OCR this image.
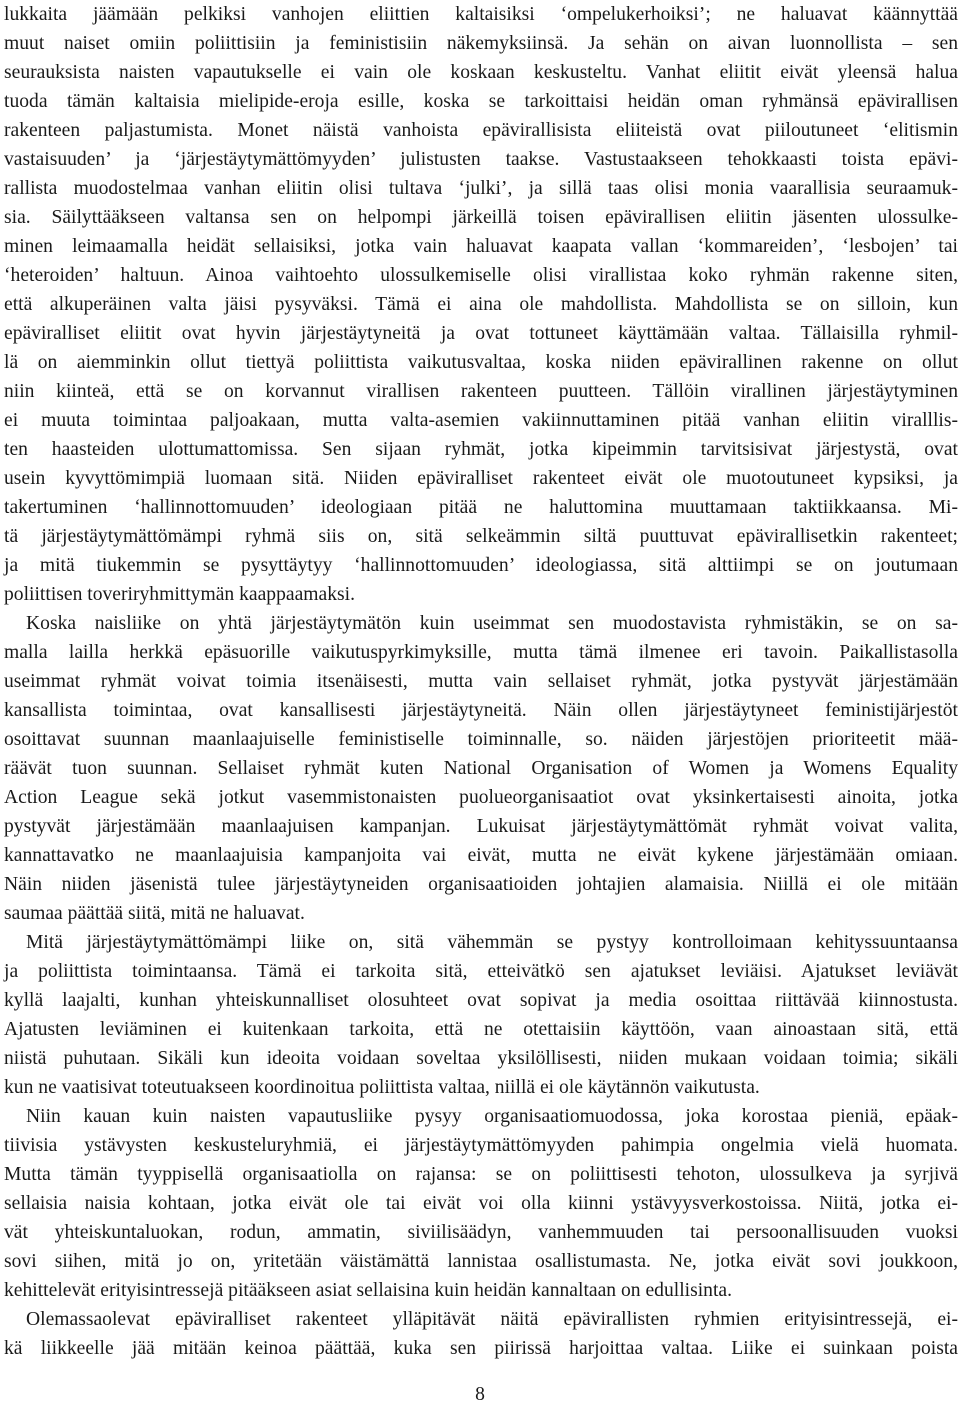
lukkaita jäämään pelkiksi vanhojen eliittien kaltaisiksi ‘ompelukerhoiksi’; ne haluavat käännyttää
muut naiset omiin poliittisiin ja feministisiin näkemyksiinsä. Ja sehän on aivan luonnollista – sen
seurauksista naisten vapautukselle ei vain ole koskaan keskusteltu. Vanhat eliitit eivät yleensä halua
tuoda tämän kaltaisia mielipide-eroja esille, koska se tarkoittaisi heidän oman ryhmänsä epävirallisen
rakenteen paljastumista. Monet näistä vanhoista epävirallisista eliiteistä ovat piiloutuneet ‘elitismin
vastaisuuden’ ja ‘järjestäytymättömyyden’ julistusten taakse. Vastustaakseen tehokkaasti toista epävi-
rallista muodostelmaa vanhan eliitin olisi tultava ‘julki’, ja sillä taas olisi monia vaarallisia seuraamuk-
sia. Säilyttääkseen valtansa sen on helpompi järkeillä toisen epävirallisen eliitin jäsenten ulossulke-
minen leimaamalla heidät sellaisiksi, jotka vain haluavat kaapata vallan ‘kommareiden’, ‘lesbojen’ tai
‘heteroiden’ haltuun. Ainoa vaihtoehto ulossulkemiselle olisi virallistaa koko ryhmän rakenne siten,
että alkuperäinen valta jäisi pysyväksi. Tämä ei aina ole mahdollista. Mahdollista se on silloin, kun
epäviralliset eliitit ovat hyvin järjestäytyneitä ja ovat tottuneet käyttämään valtaa. Tällaisilla ryhmil-
lä on aiemminkin ollut tiettyä poliittista vaikutusvaltaa, koska niiden epävirallinen rakenne on ollut
niin kiinteä, että se on korvannut virallisen rakenteen puutteen. Tällöin virallinen järjestäytyminen
ei muuta toimintaa paljoakaan, mutta valta-asemien vakiinnuttaminen pitää vanhan eliitin viralllis-
ten haasteiden ulottumattomissa. Sen sijaan ryhmät, jotka kipeimmin tarvitsisivat järjestystä, ovat
usein kyvyttömimpiä luomaan sitä. Niiden epäviralliset rakenteet eivät ole muotoutuneet kypsiksi, ja
takertuminen ‘hallinnottomuuden’ ideologiaan pitää ne haluttomina muuttamaan taktiikkaansa. Mi-
tä järjestäytymättömämpi ryhmä siis on, sitä selkeämmin siltä puuttuvat epävirallisetkin rakenteet;
ja mitä tiukemmin se pysyttäytyy ‘hallinnottomuuden’ ideologiassa, sitä alttiimpi se on joutumaan
poliittisen toveriryhmittymän kaappaamaksi.
Koska naisliike on yhtä järjestäytymätön kuin useimmat sen muodostavista ryhmistäkin, se on sa-
malla lailla herkkä epäsuorille vaikutuspyrkimyksille, mutta tämä ilmenee eri tavoin. Paikallistasolla
useimmat ryhmät voivat toimia itsenäisesti, mutta vain sellaiset ryhmät, jotka pystyvät järjestämään
kansallista toimintaa, ovat kansallisesti järjestäytyneitä. Näin ollen järjestäytyneet feministijärjestöt
osoittavat suunnan maanlaajuiselle feministiselle toiminnalle, so. näiden järjestöjen prioriteetit mää-
räävät tuon suunnan. Sellaiset ryhmät kuten National Organisation of Women ja Womens Equality
Action League sekä jotkut vasemmistonaisten puolueorganisaatiot ovat yksinkertaisesti ainoita, jotka
pystyvät järjestämään maanlaajuisen kampanjan. Lukuisat järjestäytymättömät ryhmät voivat valita,
kannattavatko ne maanlaajuisia kampanjoita vai eivät, mutta ne eivät kykene järjestämään omiaan.
Näin niiden jäsenistä tulee järjestäytyneiden organisaatioiden johtajien alamaisia. Niillä ei ole mitään
saumaa päättää siitä, mitä ne haluavat.
Mitä järjestäytymättömämpi liike on, sitä vähemmän se pystyy kontrolloimaan kehityssuuntaansa
ja poliittista toimintaansa. Tämä ei tarkoita sitä, etteivätkö sen ajatukset leviäisi. Ajatukset leviävät
kyllä laajalti, kunhan yhteiskunnalliset olosuhteet ovat sopivat ja media osoittaa riittävää kiinnostusta.
Ajatusten leviäminen ei kuitenkaan tarkoita, että ne otettaisiin käyttöön, vaan ainoastaan sitä, että
niistä puhutaan. Sikäli kun ideoita voidaan soveltaa yksilöllisesti, niiden mukaan voidaan toimia; sikäli
kun ne vaatisivat toteutuakseen koordinoitua poliittista valtaa, niillä ei ole käytännön vaikutusta.
Niin kauan kuin naisten vapautusliike pysyy organisaatiomuodossa, joka korostaa pieniä, epäak-
tiivisia ystävysten keskusteluryhmiä, ei järjestäytymättömyyden pahimpia ongelmia vielä huomata.
Mutta tämän tyyppisellä organisaatiolla on rajansa: se on poliittisesti tehoton, ulossulkeva ja syrjivä
sellaisia naisia kohtaan, jotka eivät ole tai eivät voi olla kiinni ystävyysverkostoissa. Niitä, jotka ei-
vät yhteiskuntaluokan, rodun, ammatin, siviilisäädyn, vanhemmuuden tai persoonallisuuden vuoksi
sovi siihen, mitä jo on, yritetään väistämättä lannistaa osallistumasta. Ne, jotka eivät sovi joukkoon,
kehittelevät erityisintressejä pitääkseen asiat sellaisina kuin heidän kannaltaan on edullisinta.
Olemassaolevat epäviralliset rakenteet ylläpitävät näitä epävirallisten ryhmien erityisintressejä, ei-
kä liikkeelle jää mitään keinoa päättää, kuka sen piirissä harjoittaa valtaa. Liike ei suinkaan poista
8
